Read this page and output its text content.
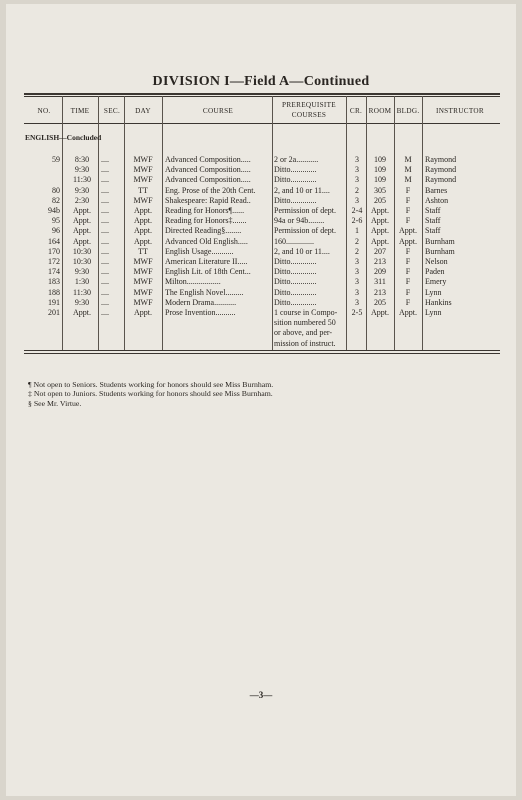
DIVISION I—Field A—Continued
NO.	TIME	SEC.	DAY	COURSE
PREREQUISITE
COURSES	CR. ROOM BLDG.	INSTRUCTOR
ENGLISH—Concluded
59	8:30	....	MWF	Advanced Composition.....	2 or 2a...........	3	109	M	Raymond
9:30	....	MWF	Advanced Composition.....	Ditto.............	3	109	M	Raymond
11:30	....	MWF	Advanced Composition.....	Ditto.............	3	109	M	Raymond
80	9:30	....	TT	Eng. Prose of the 20th Cent.	2, and 10 or 11....	2	305	F	Barnes
82	2:30	....	MWF	Shakespeare: Rapid Read..	Ditto.............	3	205	F	Ashton
94b	Appt.	....	Appt.	Reading for Honors¶......	Permission of dept.	2-4	Appt.	F	Staff
95	Appt.	....	Appt.	Reading for Honors‡.......	94a or 94b........	2-6	Appt.	F	Staff
96	Appt.	....	Appt.	Directed Reading§........	Permission of dept.	1	Appt.	Appt.	Staff
164	Appt.	....	Appt.	Advanced Old English.....	160..............	2	Appt.	Appt.	Burnham
170	10:30	....	TT	English Usage...........	2, and 10 or 11....	2	207	F	Burnham
172	10:30	....	MWF	American Literature II.....	Ditto.............	3	213	F	Nelson
174	9:30	....	MWF	English Lit. of 18th Cent...	Ditto.............	3	209	F	Paden
183	1:30	....	MWF	Milton.................	Ditto.............	3	311	F	Emery
188	11:30	....	MWF	The English Novel.........	Ditto.............	3	213	F	Lynn
191	9:30	....	MWF	Modern Drama...........	Ditto.............	3	205	F	Hankins
201	Appt.	....	Appt.	Prose Invention..........	1 course in Compo-	2-5	Appt.	Appt.	Lynn
sition numbered 50
or above, and per-
mission of instruct.
¶ Not open to Seniors. Students working for honors should see Miss Burnham.
‡ Not open to Juniors. Students working for honors should see Miss Burnham.
§ See Mr. Virtue.
—3—
